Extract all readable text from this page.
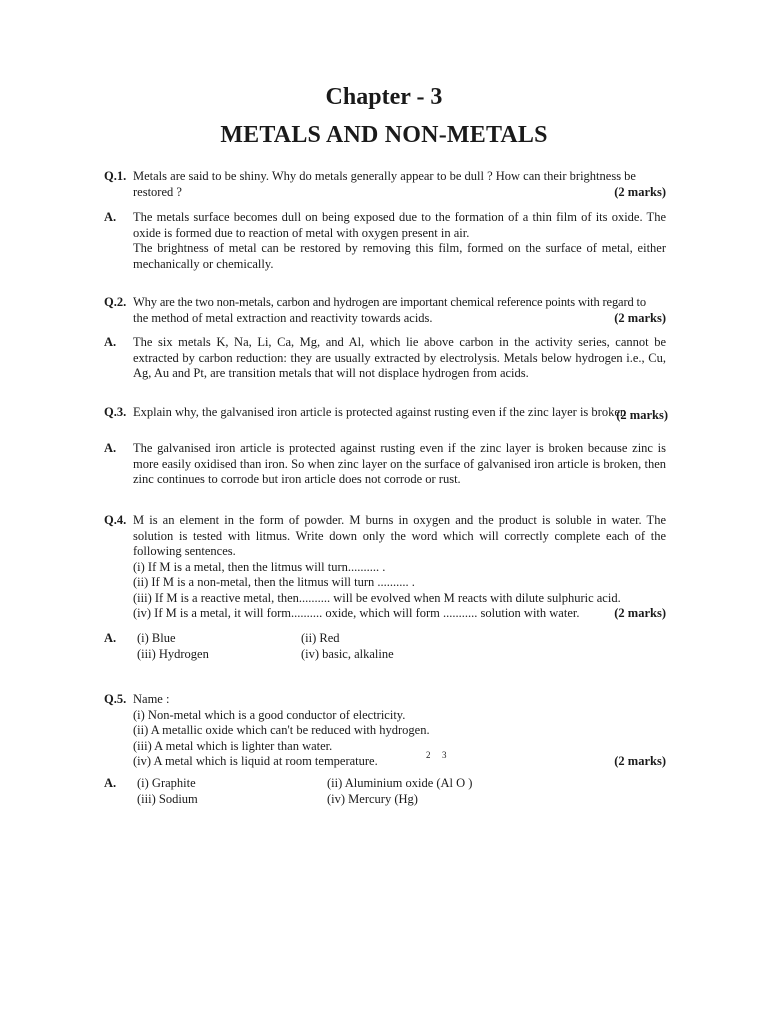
Chapter - 3
METALS AND NON-METALS
Q.1. Metals are said to be shiny. Why do metals generally appear to be dull ? How can their brightness be
restored ?	(2 marks)
A. The metals surface becomes dull on being exposed due to the formation of a thin film of its oxide. The oxide is formed due to reaction of metal with oxygen present in air.
The brightness of metal can be restored by removing this film, formed on the surface of metal, either mechanically or chemically.
Q.2. Why are the two non-metals, carbon and hydrogen are important chemical reference points with regard to
the method of metal extraction and reactivity towards acids.	(2 marks)
A. The six metals K, Na, Li, Ca, Mg, and Al, which lie above carbon in the activity series, cannot be extracted by carbon reduction: they are usually extracted by electrolysis. Metals below hydrogen i.e., Cu, Ag, Au and Pt, are transition metals that will not displace hydrogen from acids.
Q.3. Explain why, the galvanised iron article is protected against rusting even if the zinc layer is broken
(2 marks)
A. The galvanised iron article is protected against rusting even if the zinc layer is broken because zinc is more easily oxidised than iron. So when zinc layer on the surface of galvanised iron article is broken, then zinc continues to corrode but iron article does not corrode or rust.
Q.4. M is an element in the form of powder. M burns in oxygen and the product is soluble in water. The solution is tested with litmus. Write down only the word which will correctly complete each of the following sentences.
(i) If M is a metal, then the litmus will turn.......... .
(ii) If M is a non-metal, then the litmus will turn .......... .
(iii) If M is a reactive metal, then.......... will be evolved when M reacts with dilute sulphuric acid.
(iv) If M is a metal, it will form.......... oxide, which will form ........... solution with water.	(2 marks)
A.	(i) Blue	(ii) Red
(iii) Hydrogen	(iv) basic, alkaline
Q.5. Name :
(i) Non-metal which is a good conductor of electricity.
(ii) A metallic oxide which can't be reduced with hydrogen.
(iii) A metal which is lighter than water.
(iv) A metal which is liquid at room temperature.	(2 marks)
2 3
A.	(i) Graphite	(ii) Aluminium oxide (Al O )
(iii) Sodium	(iv) Mercury (Hg)
